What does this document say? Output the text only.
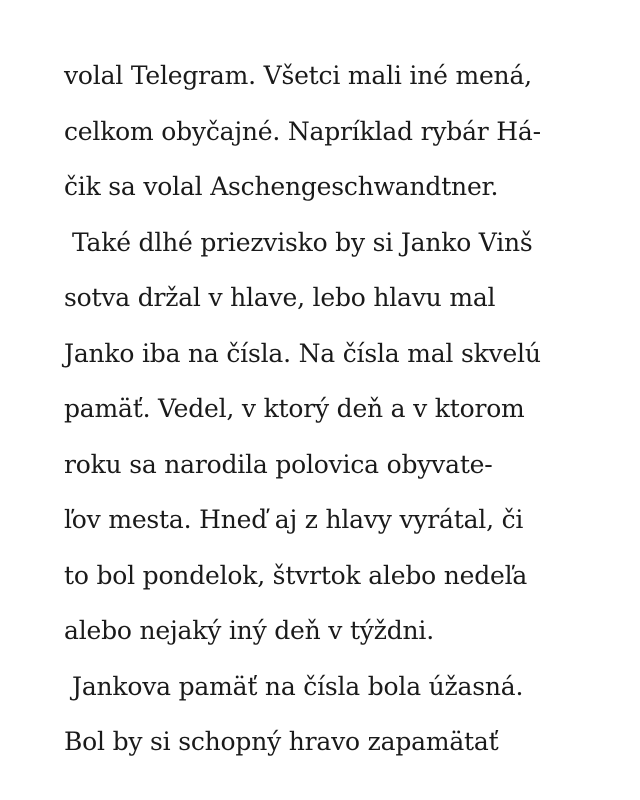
volal Telegram. Všetci mali iné mená,
celkom obyčajné. Napríklad rybár Há-
čik sa volal Aschengeschwandtner.
Také dlhé priezvisko by si Janko Vinš
sotva držal v hlave, lebo hlavu mal
Janko iba na čísla. Na čísla mal skvelú
pamäť. Vedel, v ktorý deň a v ktorom
roku sa narodila polovica obyvate-
ľov mesta. Hneď aj z hlavy vyrátal, či
to bol pondelok, štvrtok alebo nedeľa
alebo nejaký iný deň v týždni.
Jankova pamäť na čísla bola úžasná.
Bol by si schopný hravo zapamätať
